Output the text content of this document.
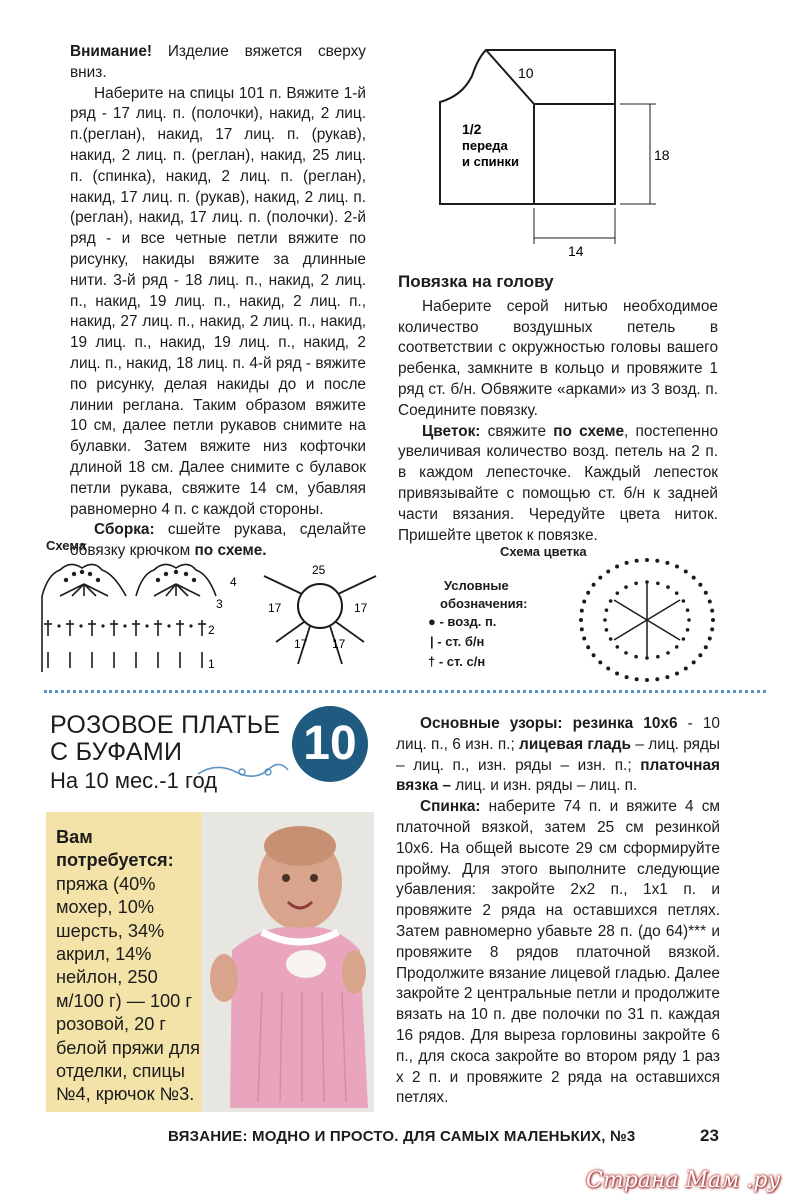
Внимание! Изделие вяжется сверху вниз.

Наберите на спицы 101 п. Вяжите 1-й ряд - 17 лиц. п. (полочки), накид, 2 лиц. п.(реглан), накид, 17 лиц. п. (рукав), накид, 2 лиц. п. (реглан), накид, 25 лиц. п. (спинка), накид, 2 лиц. п. (реглан), накид, 17 лиц. п. (рукав), накид, 2 лиц. п. (реглан), накид, 17 лиц. п. (полочки). 2-й ряд - и все четные петли вяжите по рисунку, накиды вяжите за длинные нити. 3-й ряд - 18 лиц. п., накид, 2 лиц. п., накид, 19 лиц. п., накид, 2 лиц. п., накид, 27 лиц. п., накид, 2 лиц. п., накид, 19 лиц. п., накид, 19 лиц. п., накид, 2 лиц. п., накид, 18 лиц. п. 4-й ряд - вяжите по рисунку, делая накиды до и после линии реглана. Таким образом вяжите 10 см, далее петли рукавов снимите на булавки. Затем вяжите низ кофточки длиной 18 см. Далее снимите с булавок петли рукава, свяжите 14 см, убавляя равномерно 4 п. с каждой стороны.

Сборка: сшейте рукава, сделайте обвязку крючком по схеме.

10
1/2
переда
и спинки	18
14

Повязка на голову

Наберите серой нитью необходимое количество воздушных петель в соответствии с окружностью головы вашего ребенка, замкните в кольцо и провяжите 1 ряд ст. б/н. Обвяжите «арками» из 3 возд. п. Соедините повязку.

Цветок: свяжите по схеме, постепенно увеличивая количество возд. петель на 2 п. в каждом лепесточке. Каждый лепесток привязывайте с помощью ст. б/н к задней части вязания. Чередуйте цвета ниток. Пришейте цветок к повязке.

Схема
4
3
2
1
25
17	17
17 17
Схема цветка
Условные
обозначения:
● - возд. п.
| - ст. б/н
† - ст. с/н
РОЗОВОЕ ПЛАТЬЕ
С БУФАМИ
На 10 мес.-1 год
10
Вам потребуется:
пряжа (40% мохер, 10% шерсть, 34% акрил, 14% нейлон, 250 м/100 г) — 100 г розовой, 20 г белой пряжи для отделки, спицы №4, крючок №3.

Основные узоры: резинка 10х6 - 10 лиц. п., 6 изн. п.; лицевая гладь – лиц. ряды – лиц. п., изн. ряды – изн. п.; платочная вязка – лиц. и изн. ряды – лиц. п.

Спинка: наберите 74 п. и вяжите 4 см платочной вязкой, затем 25 см резинкой 10х6. На общей высоте 29 см сформируйте пройму. Для этого выполните следующие убавления: закройте 2х2 п., 1х1 п. и провяжите 2 ряда на оставшихся петлях. Затем равномерно убавьте 28 п. (до 64)*** и провяжите 8 рядов платочной вязкой. Продолжите вязание лицевой гладью. Далее закройте 2 центральные петли и продолжите вязать на 10 п. две полочки по 31 п. каждая 16 рядов. Для выреза горловины закройте 6 п., для скоса закройте во втором ряду 1 раз х 2 п. и провяжите 2 ряда на оставшихся петлях.

ВЯЗАНИЕ: МОДНО И ПРОСТО. ДЛЯ САМЫХ МАЛЕНЬКИХ, №3	23
Страна Мам .ру
